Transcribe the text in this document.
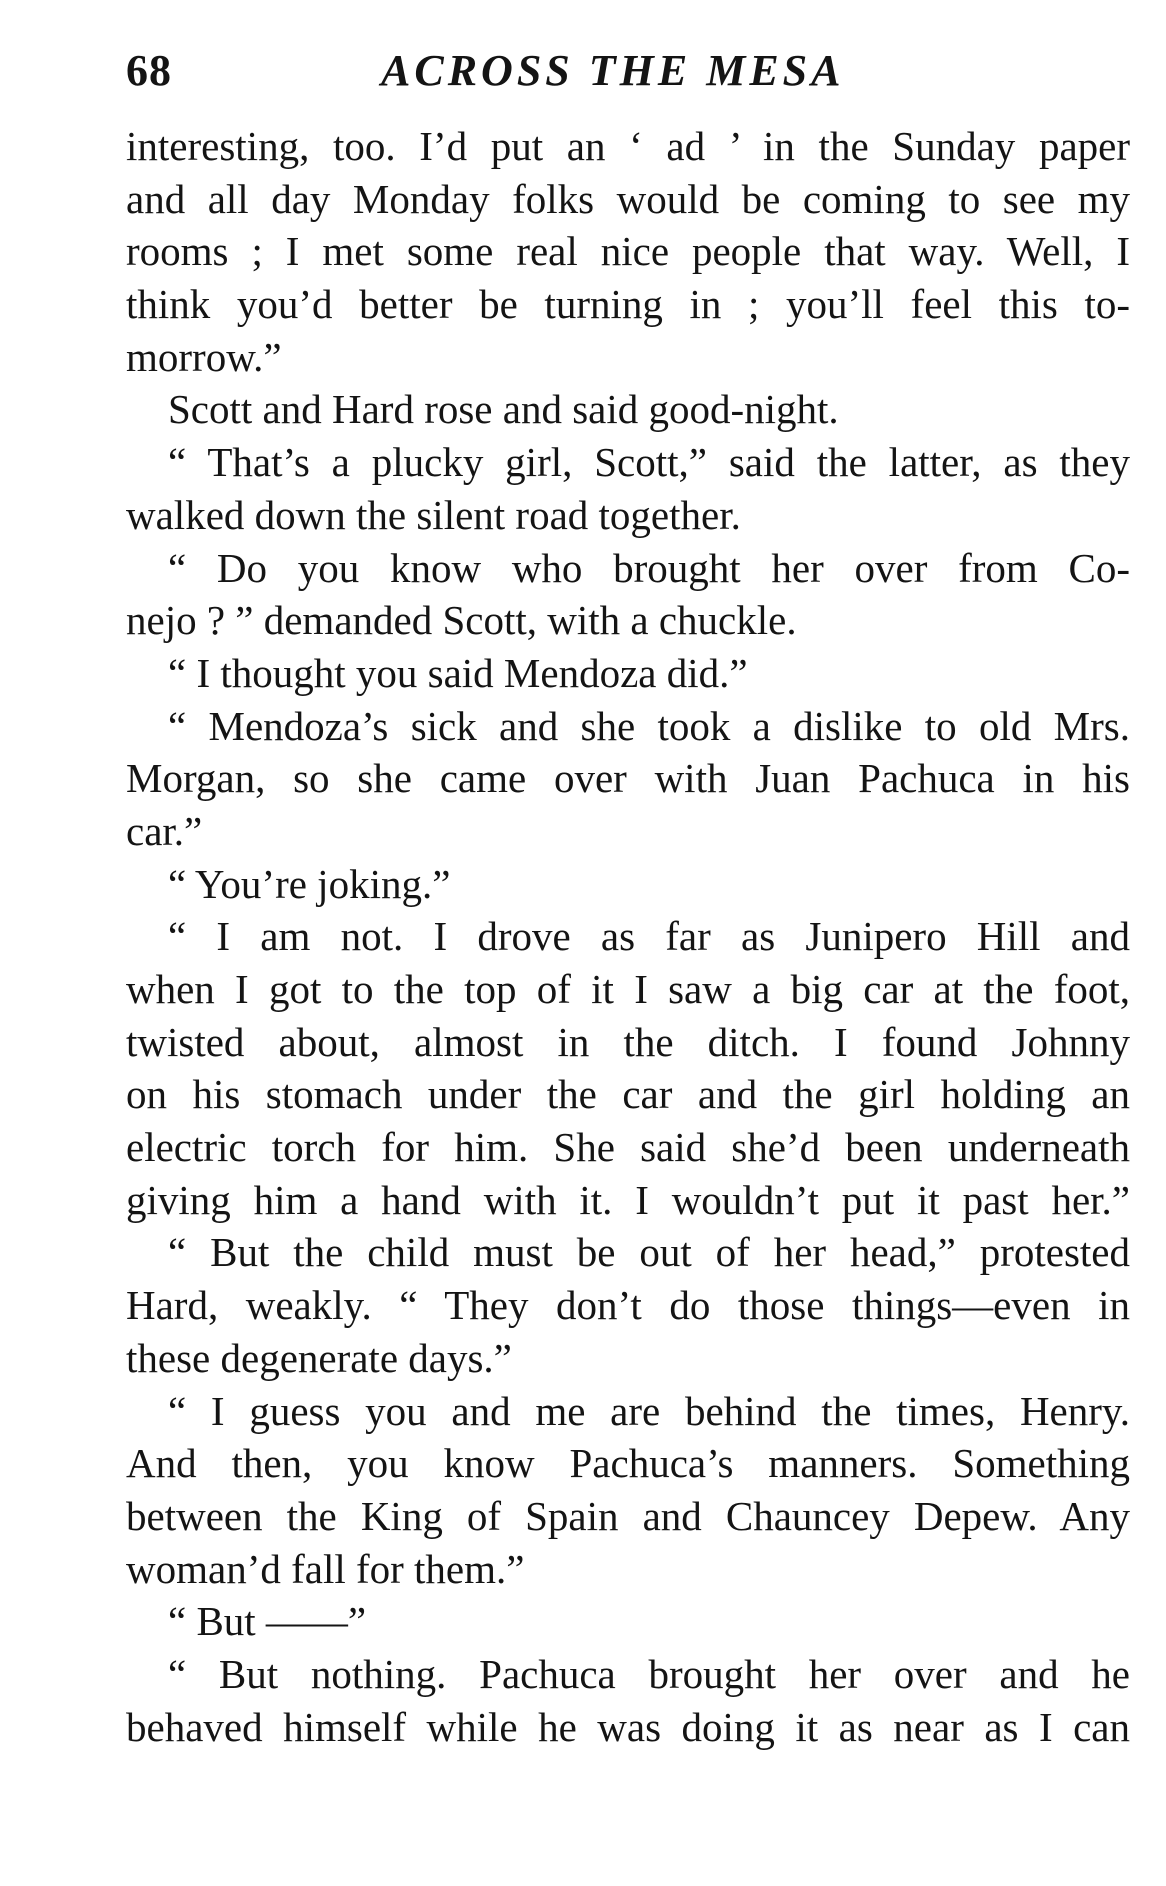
68	ACROSS THE MESA
interesting, too. I’d put an ‘ ad ’ in the Sunday paper
and all day Monday folks would be coming to see my
rooms ; I met some real nice people that way. Well, I
think you’d better be turning in ; you’ll feel this to-
morrow.”
Scott and Hard rose and said good-night.
“ That’s a plucky girl, Scott,” said the latter, as they
walked down the silent road together.
“ Do you know who brought her over from Co-
nejo ? ” demanded Scott, with a chuckle.
“ I thought you said Mendoza did.”
“ Mendoza’s sick and she took a dislike to old Mrs.
Morgan, so she came over with Juan Pachuca in his
car.”
“ You’re joking.”
“ I am not. I drove as far as Junipero Hill and
when I got to the top of it I saw a big car at the foot,
twisted about, almost in the ditch. I found Johnny
on his stomach under the car and the girl holding an
electric torch for him. She said she’d been underneath
giving him a hand with it. I wouldn’t put it past her.”
“ But the child must be out of her head,” protested
Hard, weakly. “ They don’t do those things—even in
these degenerate days.”
“ I guess you and me are behind the times, Henry.
And then, you know Pachuca’s manners. Something
between the King of Spain and Chauncey Depew. Any
woman’d fall for them.”
“ But ——”
“ But nothing. Pachuca brought her over and he
behaved himself while he was doing it as near as I can
